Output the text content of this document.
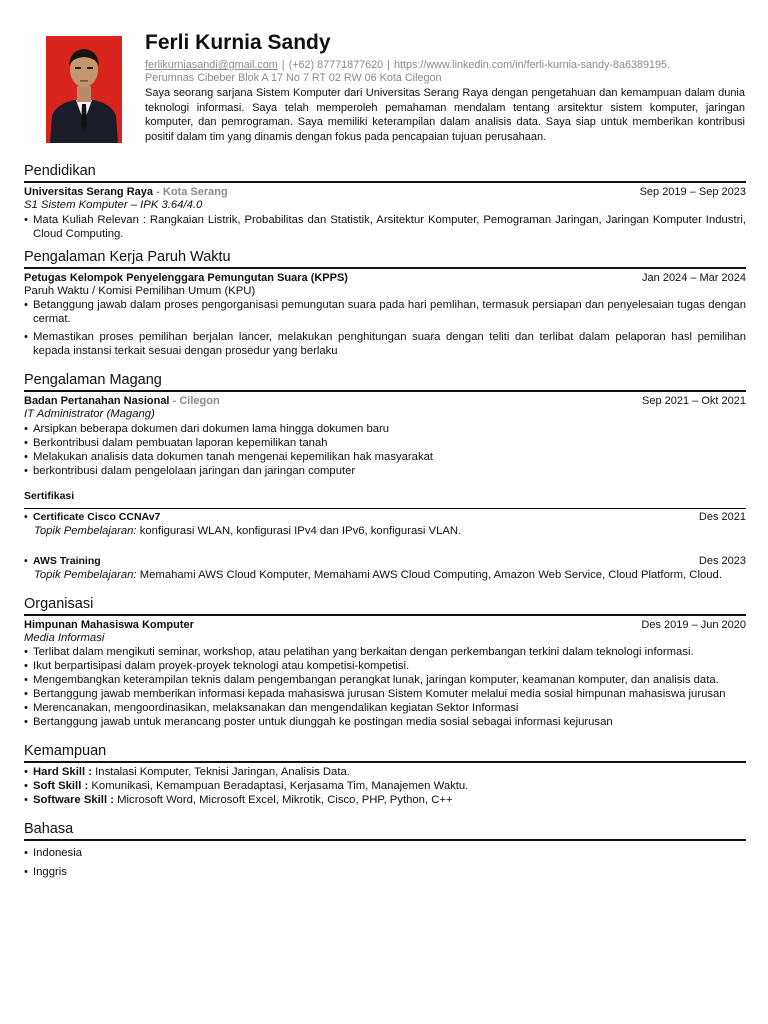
Ferli Kurnia Sandy
ferlikurniasandi@gmail.com | (+62) 87771877620 | https://www.linkedin.com/in/ferli-kurnia-sandy-8a6389195.
Perumnas Cibeber Blok A 17 No 7 RT 02 RW 06 Kota Cilegon
Saya seorang sarjana Sistem Komputer dari Universitas Serang Raya dengan pengetahuan dan kemampuan dalam dunia teknologi informasi. Saya telah memperoleh pemahaman mendalam tentang arsitektur sistem komputer, jaringan komputer, dan pemrograman. Saya memiliki keterampilan dalam analisis data. Saya siap untuk memberikan kontribusi positif dalam tim yang dinamis dengan fokus pada pencapaian tujuan perusahaan.
Pendidikan
Universitas Serang Raya - Kota Serang	Sep 2019 – Sep 2023
S1 Sistem Komputer – IPK 3.64/4.0
• Mata Kuliah Relevan : Rangkaian Listrik, Probabilitas dan Statistik, Arsitektur Komputer, Pemograman Jaringan, Jaringan Komputer Industri, Cloud Computing.
Pengalaman Kerja Paruh Waktu
Petugas Kelompok Penyelenggara Pemungutan Suara (KPPS)	Jan 2024 – Mar 2024
Paruh Waktu / Komisi Pemilihan Umum (KPU)
• Betanggung jawab dalam proses pengorganisasi pemungutan suara pada hari pemlihan, termasuk persiapan dan penyelesaian tugas dengan cermat.
• Memastikan proses pemilihan berjalan lancer, melakukan penghitungan suara dengan teliti dan terlibat dalam pelaporan hasl pemilihan kepada instansi terkait sesuai dengan prosedur yang berlaku
Pengalaman Magang
Badan Pertanahan Nasional - Cilegon	Sep 2021 – Okt 2021
IT Administrator (Magang)
• Arsipkan beberapa dokumen dari dokumen lama hingga dokumen baru
• Berkontribusi dalam pembuatan laporan kepemilikan tanah
• Melakukan analisis data dokumen tanah mengenai kepemilikan hak masyarakat
• berkontribusi dalam pengelolaan jaringan dan jaringan computer
Sertifikasi
• Certificate Cisco CCNAv7	Des 2021
Topik Pembelajaran: konfigurasi WLAN, konfigurasi IPv4 dan IPv6, konfigurasi VLAN.
• AWS Training	Des 2023
Topik Pembelajaran: Memahami AWS Cloud Komputer, Memahami AWS Cloud Computing, Amazon Web Service, Cloud Platform, Cloud.
Organisasi
Himpunan Mahasiswa Komputer	Des 2019 – Jun 2020
Media Informasi
• Terlibat dalam mengikuti seminar, workshop, atau pelatihan yang berkaitan dengan perkembangan terkini dalam teknologi informasi.
• Ikut berpartisipasi dalam proyek-proyek teknologi atau kompetisi-kompetisi.
• Mengembangkan keterampilan teknis dalam pengembangan perangkat lunak, jaringan komputer, keamanan komputer, dan analisis data.
• Bertanggung jawab memberikan informasi kepada mahasiswa jurusan Sistem Komuter melalui media sosial himpunan mahasiswa jurusan
• Merencanakan, mengoordinasikan, melaksanakan dan mengendalikan kegiatan Sektor Informasi
• Bertanggung jawab untuk merancang poster untuk diunggah ke postingan media sosial sebagai informasi kejurusan
Kemampuan
• Hard Skill : Instalasi Komputer, Teknisi Jaringan, Analisis Data.
• Soft Skill : Komunikasi, Kemampuan Beradaptasi, Kerjasama Tim, Manajemen Waktu.
• Software Skill : Microsoft Word, Microsoft Excel, Mikrotik, Cisco, PHP, Python, C++
Bahasa
• Indonesia
• Inggris
